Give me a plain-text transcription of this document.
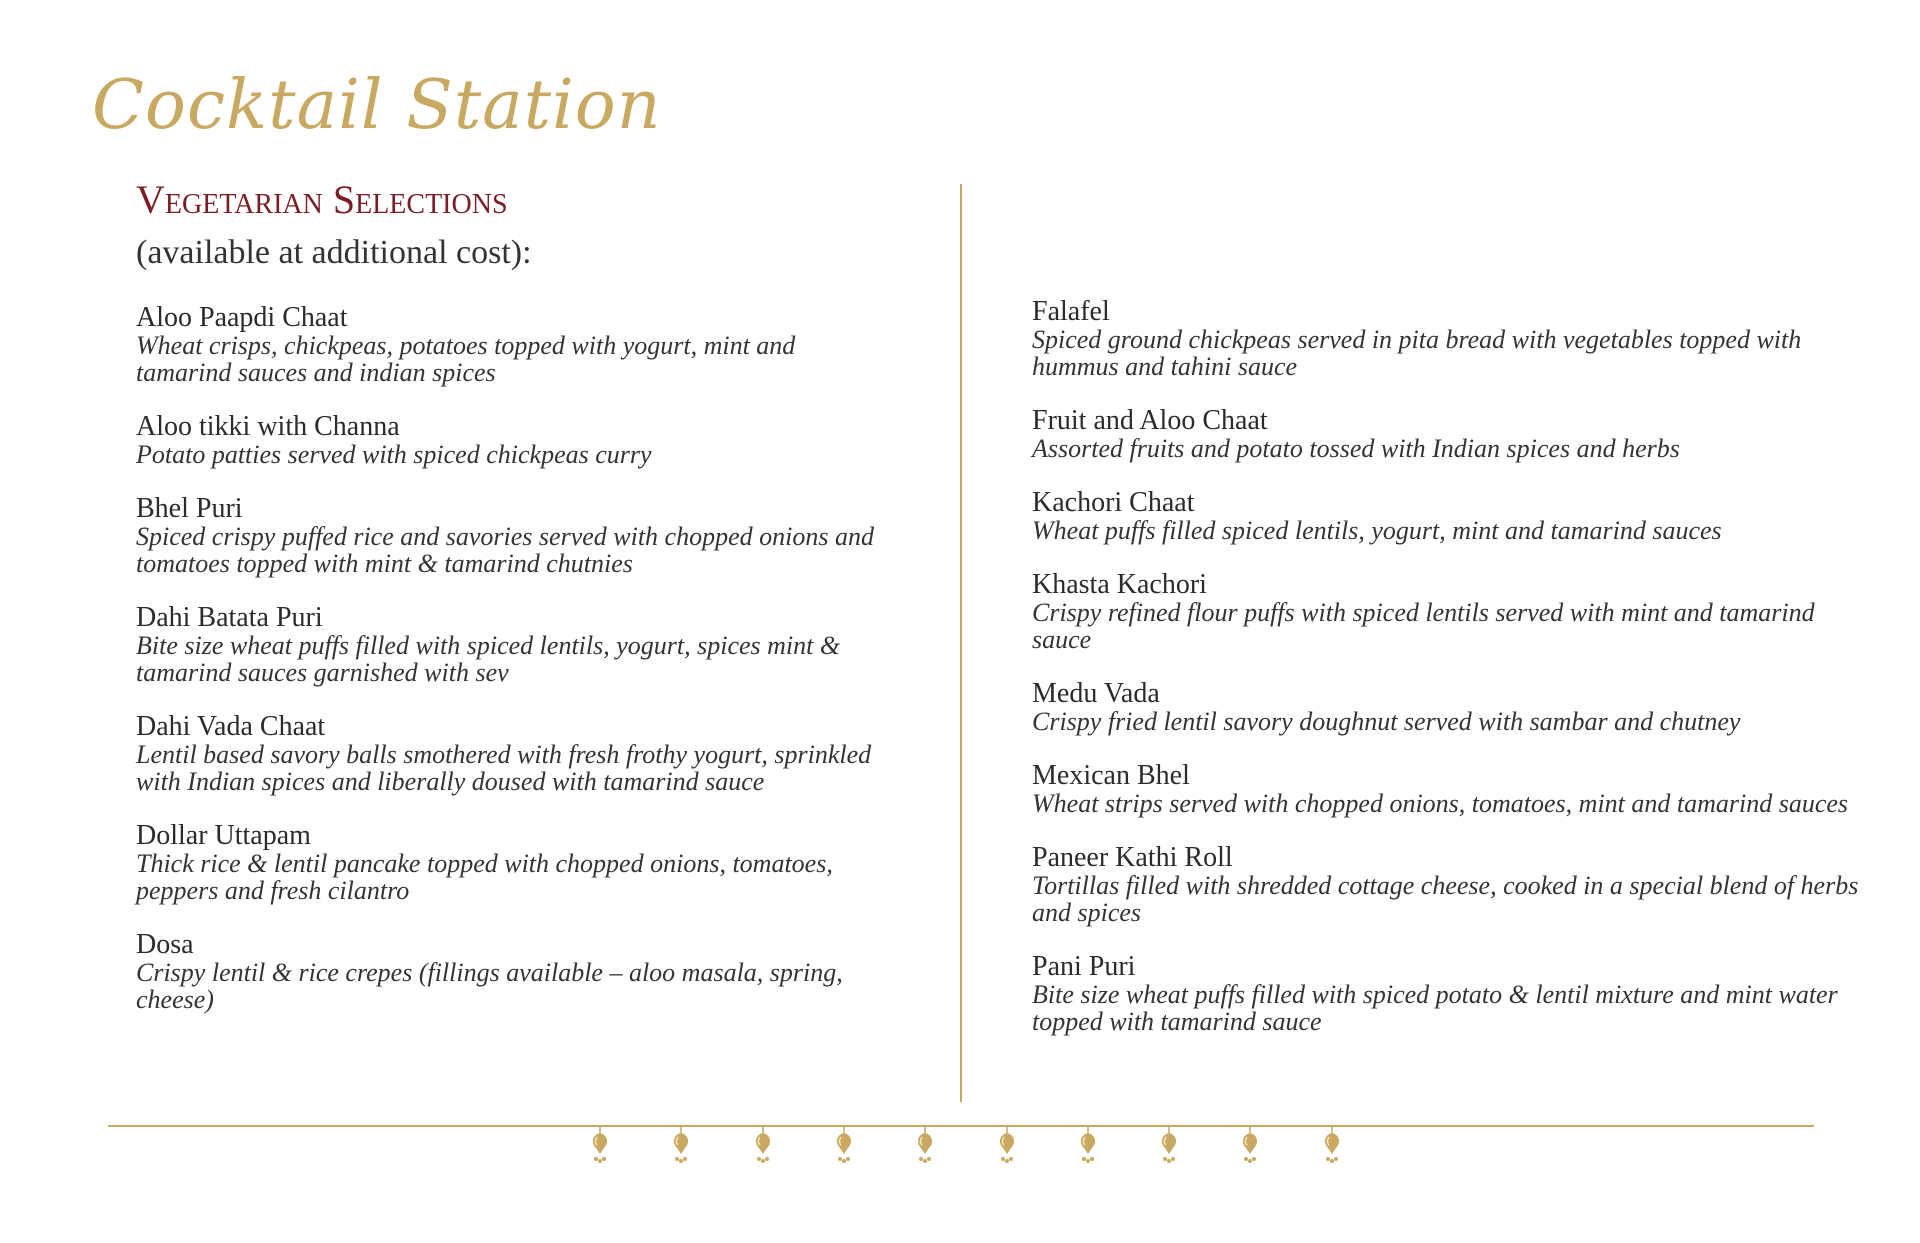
Cocktail Station
Vegetarian Selections
(available at additional cost):
Aloo Paapdi Chaat
Wheat crisps, chickpeas, potatoes topped with yogurt, mint and tamarind sauces and indian spices
Aloo tikki with Channa
Potato patties served with spiced chickpeas curry
Bhel Puri
Spiced crispy puffed rice and savories served with chopped onions and tomatoes topped with mint & tamarind chutnies
Dahi Batata Puri
Bite size wheat puffs filled with spiced lentils, yogurt, spices mint & tamarind sauces garnished with sev
Dahi Vada Chaat
Lentil based savory balls smothered with fresh frothy yogurt, sprinkled with Indian spices and liberally doused with tamarind sauce
Dollar Uttapam
Thick rice & lentil pancake topped with chopped onions, tomatoes, peppers and fresh cilantro
Dosa
Crispy lentil & rice crepes (fillings available – aloo masala, spring, cheese)
Falafel
Spiced ground chickpeas served in pita bread with vegetables topped with hummus and tahini sauce
Fruit and Aloo Chaat
Assorted fruits and potato tossed with Indian spices and herbs
Kachori Chaat
Wheat puffs filled spiced lentils, yogurt, mint and tamarind sauces
Khasta Kachori
Crispy refined flour puffs with spiced lentils served with mint and tamarind sauce
Medu Vada
Crispy fried lentil savory doughnut served with sambar and chutney
Mexican Bhel
Wheat strips served with chopped onions, tomatoes, mint and tamarind sauces
Paneer Kathi Roll
Tortillas filled with shredded cottage cheese, cooked in a special blend of herbs and spices
Pani Puri
Bite size wheat puffs filled with spiced potato & lentil mixture and mint water topped with tamarind sauce
